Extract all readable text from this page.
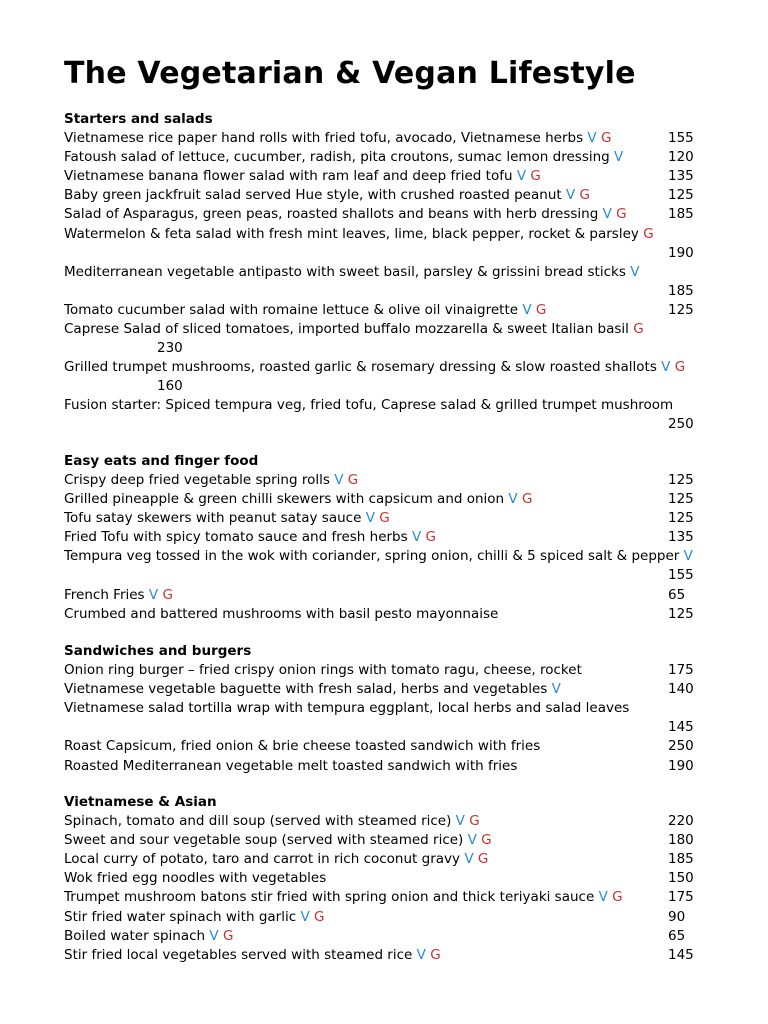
The Vegetarian & Vegan Lifestyle
Starters and salads
Vietnamese rice paper hand rolls with fried tofu, avocado, Vietnamese herbs V G	155
Fatoush salad of lettuce, cucumber, radish, pita croutons, sumac lemon dressing V	120
Vietnamese banana flower salad with ram leaf and deep fried tofu V G	135
Baby green jackfruit salad served Hue style, with crushed roasted peanut V G	125
Salad of Asparagus, green peas, roasted shallots and beans with herb dressing V G	185
Watermelon & feta salad with fresh mint leaves, lime, black pepper, rocket & parsley G
190
Mediterranean vegetable antipasto with sweet basil, parsley & grissini bread sticks V
185
Tomato cucumber salad with romaine lettuce & olive oil vinaigrette V G	125
Caprese Salad of sliced tomatoes, imported buffalo mozzarella & sweet Italian basil G
230
Grilled trumpet mushrooms, roasted garlic & rosemary dressing & slow roasted shallots V G
160
Fusion starter: Spiced tempura veg, fried tofu, Caprese salad & grilled trumpet mushroom
250
Easy eats and finger food
Crispy deep fried vegetable spring rolls V G	125
Grilled pineapple & green chilli skewers with capsicum and onion V G	125
Tofu satay skewers with peanut satay sauce V G	125
Fried Tofu with spicy tomato sauce and fresh herbs V G	135
Tempura veg tossed in the wok with coriander, spring onion, chilli & 5 spiced salt & pepper V
155
French Fries V G	65
Crumbed and battered mushrooms with basil pesto mayonnaise	125
Sandwiches and burgers
Onion ring burger – fried crispy onion rings with tomato ragu, cheese, rocket	175
Vietnamese vegetable baguette with fresh salad, herbs and vegetables V	140
Vietnamese salad tortilla wrap with tempura eggplant, local herbs and salad leaves
145
Roast Capsicum, fried onion & brie cheese toasted sandwich with fries	250
Roasted Mediterranean vegetable melt toasted sandwich with fries	190
Vietnamese & Asian
Spinach, tomato and dill soup (served with steamed rice) V G	220
Sweet and sour vegetable soup (served with steamed rice) V G	180
Local curry of potato, taro and carrot in rich coconut gravy V G	185
Wok fried egg noodles with vegetables	150
Trumpet mushroom batons stir fried with spring onion and thick teriyaki sauce V G	175
Stir fried water spinach with garlic V G	90
Boiled water spinach V G	65
Stir fried local vegetables served with steamed rice V G	145
